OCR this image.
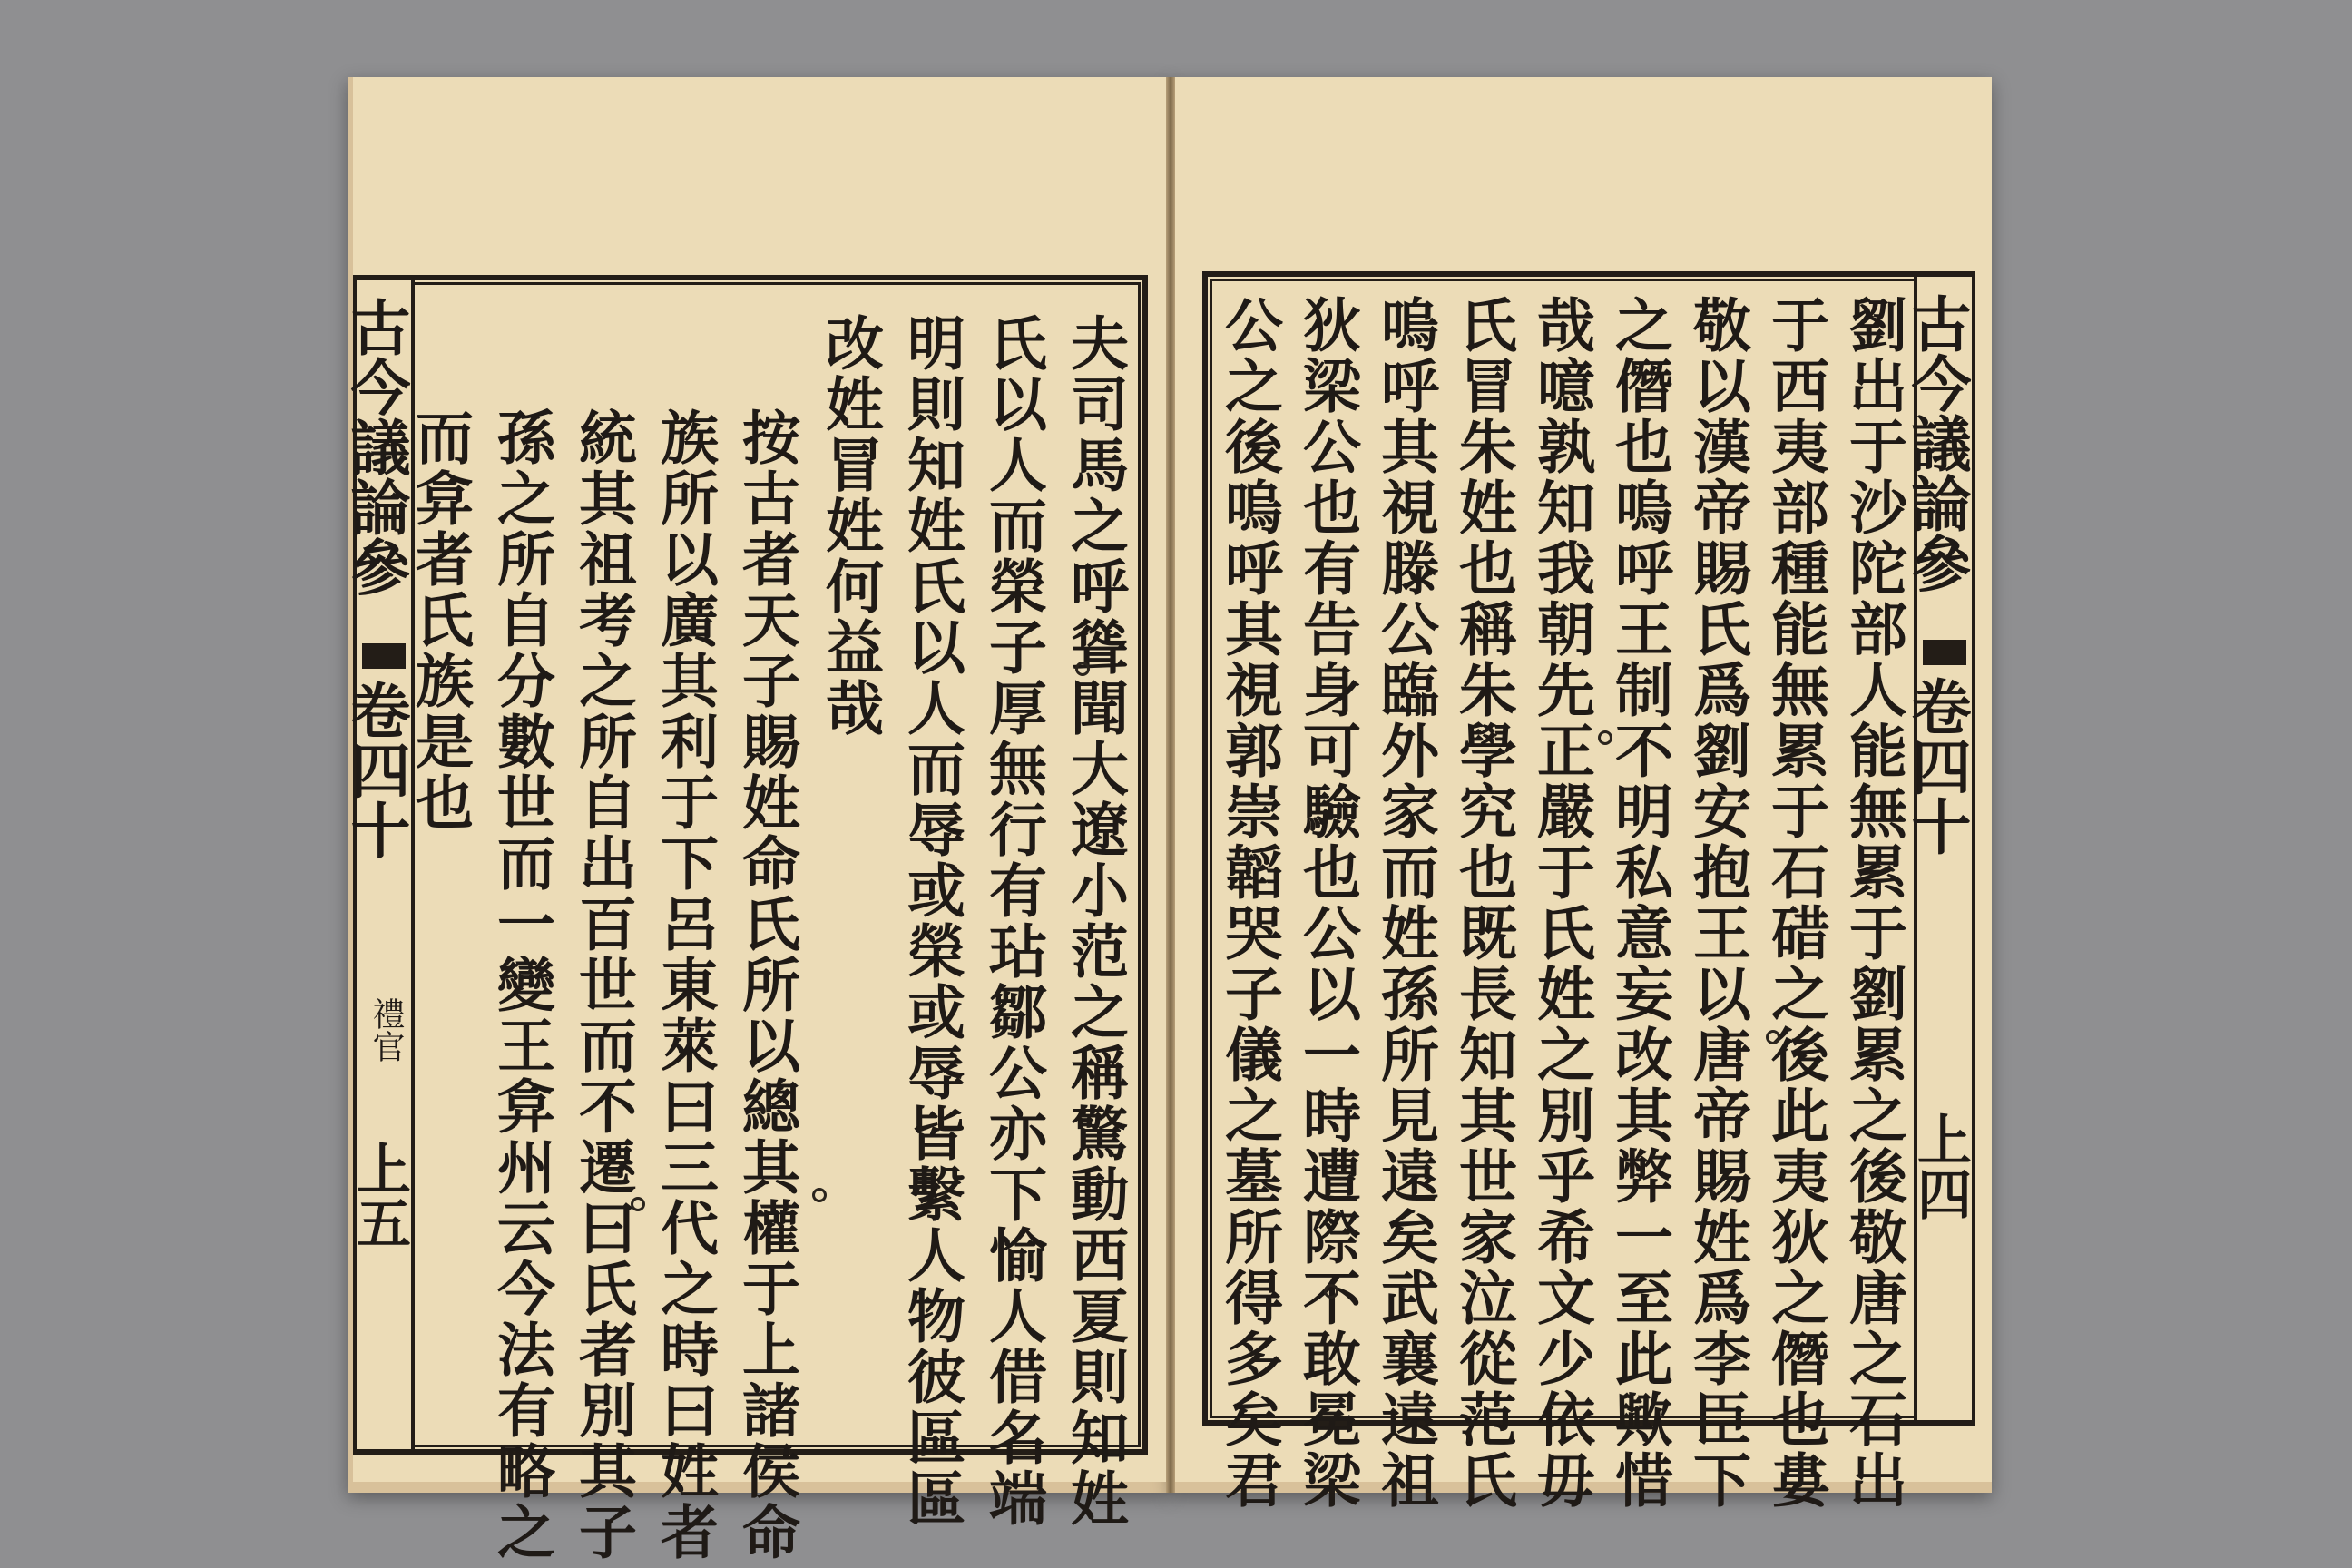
古今議論參
卷四十
禮官
上五	夫司馬之呼聳聞大遼小范之稱驚動西夏則知姓
氏以人而榮子厚無行有玷鄒公亦下愉人借名端
明則知姓氏以人而辱或榮或辱皆繫人物彼區區
改姓冒姓何益哉
按古者天子賜姓命氏所以總其權于上諸侯命
族所以廣其利于下呂東萊曰三代之時曰姓者
統其祖考之所自出百世而不遷曰氏者別其子
孫之所自分數世而一變王弇州云今法有略之
而弇者氏族是也	古今議論參
卷四十
上四
劉出于沙陀部人能無累于劉累之後敬唐之石出
于西夷部種能無累于石碏之後此夷狄之僭也婁
敬以漢帝賜氏爲劉安抱王以唐帝賜姓爲李臣下
之僭也嗚呼王制不明私意妄改其弊一至此歟惜
哉噫孰知我朝先正嚴于氏姓之別乎希文少依毋
氏冒朱姓也稱朱學究也既長知其世家泣從范氏
嗚呼其視滕公臨外家而姓孫所見遠矣武襄遠祖
狄梁公也有告身可驗也公以一時遭際不敢冕梁
公之後嗚呼其視郭崇韜哭子儀之墓所得多矣君
